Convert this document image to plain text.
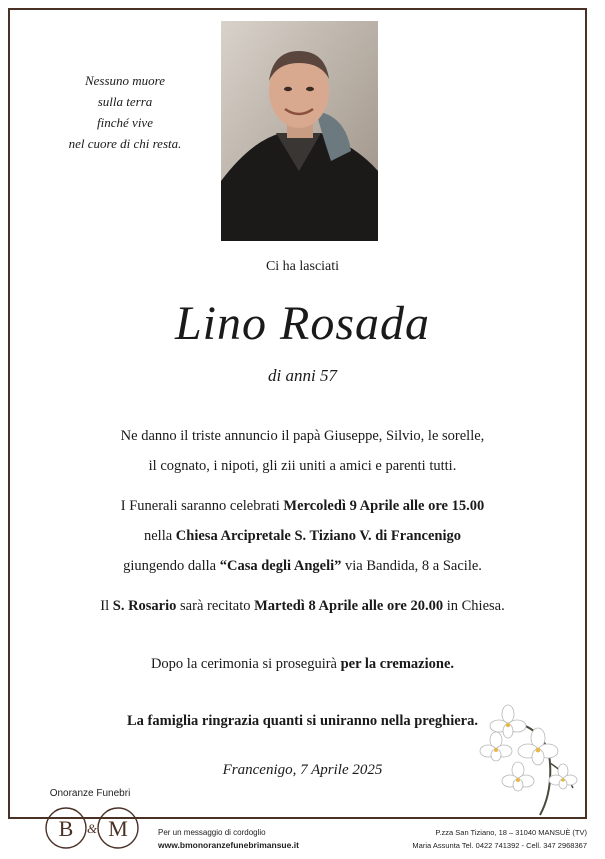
Nessuno muore
sulla terra
finché vive
nel cuore di chi resta.
Ci ha lasciati
Lino Rosada
di anni 57
Ne danno il triste annuncio il papà Giuseppe, Silvio, le sorelle,
il cognato, i nipoti, gli zii uniti a amici e parenti tutti.
I Funerali saranno celebrati Mercoledì 9 Aprile alle ore 15.00
nella Chiesa Arcipretale S. Tiziano V. di Francenigo
giungendo dalla “Casa degli Angeli” via Bandida, 8 a Sacile.
Il S. Rosario sarà recitato Martedì 8 Aprile alle ore 20.00 in Chiesa.
Dopo la cerimonia si proseguirà per la cremazione.
La famiglia ringrazia quanti si uniranno nella preghiera.
Francenigo, 7 Aprile 2025
Onoranze Funebri
B & M	Per un messaggio di cordoglio
www.bmonoranzefunebrimansue.it
P.zza San Tiziano, 18 – 31040 MANSUÈ (TV)
Maria Assunta Tel. 0422 741392 - Cell. 347 2968367
